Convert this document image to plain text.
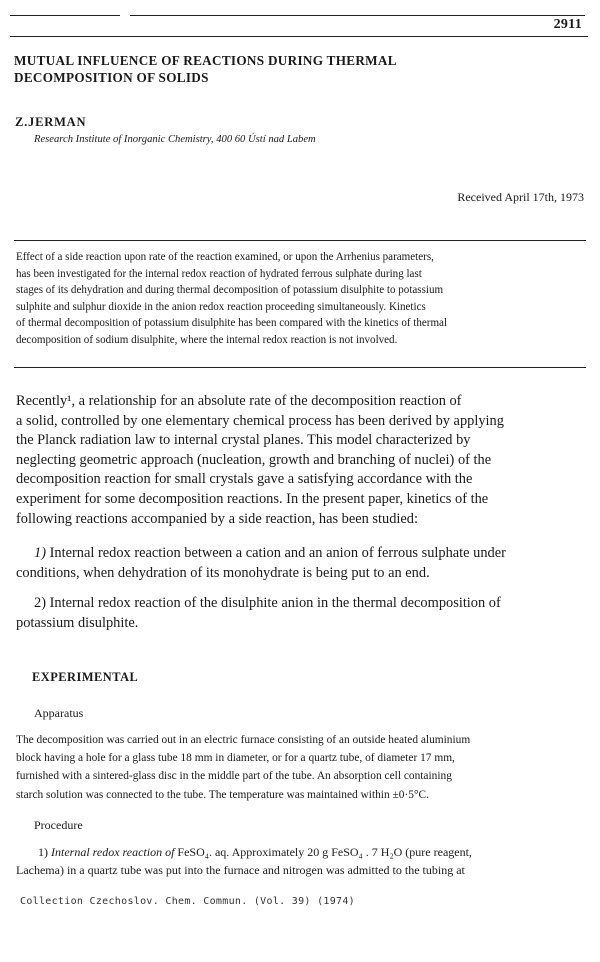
2911
MUTUAL INFLUENCE OF REACTIONS DURING THERMAL
DECOMPOSITION OF SOLIDS
Z.JERMAN
Research Institute of Inorganic Chemistry, 400 60 Ústí nad Labem
Received April 17th, 1973
Effect of a side reaction upon rate of the reaction examined, or upon the Arrhenius parameters,
has been investigated for the internal redox reaction of hydrated ferrous sulphate during last
stages of its dehydration and during thermal decomposition of potassium disulphite to potassium
sulphite and sulphur dioxide in the anion redox reaction proceeding simultaneously. Kinetics
of thermal decomposition of potassium disulphite has been compared with the kinetics of thermal
decomposition of sodium disulphite, where the internal redox reaction is not involved.
Recently¹, a relationship for an absolute rate of the decomposition reaction of
a solid, controlled by one elementary chemical process has been derived by applying
the Planck radiation law to internal crystal planes. This model characterized by
neglecting geometric approach (nucleation, growth and branching of nuclei) of the
decomposition reaction for small crystals gave a satisfying accordance with the
experiment for some decomposition reactions. In the present paper, kinetics of the
following reactions accompanied by a side reaction, has been studied:
1) Internal redox reaction between a cation and an anion of ferrous sulphate under
conditions, when dehydration of its monohydrate is being put to an end.
2) Internal redox reaction of the disulphite anion in the thermal decomposition of
potassium disulphite.
EXPERIMENTAL
Apparatus
The decomposition was carried out in an electric furnace consisting of an outside heated aluminium
block having a hole for a glass tube 18 mm in diameter, or for a quartz tube, of diameter 17 mm,
furnished with a sintered-glass disc in the middle part of the tube. An absorption cell containing
starch solution was connected to the tube. The temperature was maintained within ±0·5°C.
Procedure
1) Internal redox reaction of FeSO₄. aq. Approximately 20 g FeSO₄ . 7 H₂O (pure reagent,
Lachema) in a quartz tube was put into the furnace and nitrogen was admitted to the tubing at
Collection Czechoslov. Chem. Commun. (Vol. 39) (1974)
